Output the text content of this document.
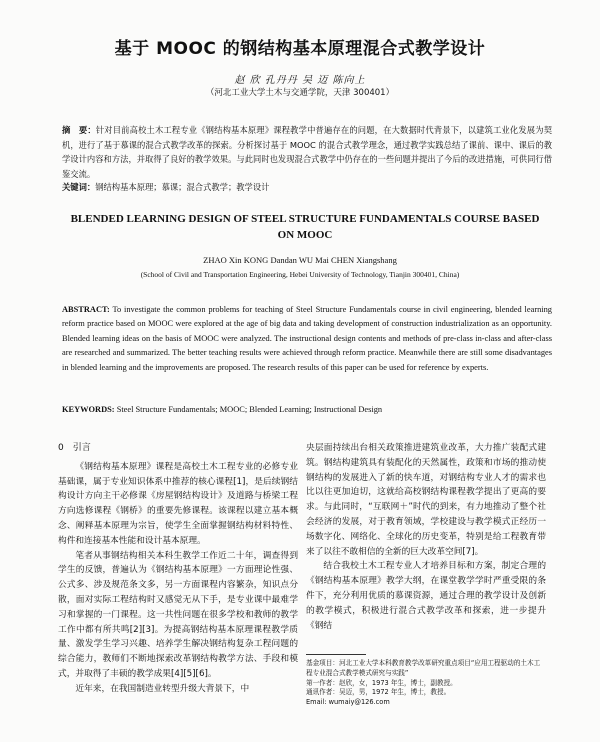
基于 MOOC 的钢结构基本原理混合式教学设计
赵 欣 孔丹丹 吴 迈 陈向上
（河北工业大学土木与交通学院，天津 300401）
摘　要：针对目前高校土木工程专业《钢结构基本原理》课程教学中普遍存在的问题，在大数据时代背景下，以建筑工业化发展为契机，进行了基于慕课的混合式教学改革的探索。分析探讨基于 MOOC 的混合式教学理念，通过教学实践总结了课前、课中、课后的教学设计内容和方法，并取得了良好的教学效果。与此同时也发现混合式教学中仍存在的一些问题并提出了今后的改进措施，可供同行借鉴交流。
关键词：钢结构基本原理；慕课；混合式教学；教学设计
BLENDED LEARNING DESIGN OF STEEL STRUCTURE FUNDAMENTALS COURSE BASED ON MOOC
ZHAO Xin KONG Dandan WU Mai CHEN Xiangshang
(School of Civil and Transportation Engineering, Hebei University of Technology, Tianjin 300401, China)
ABSTRACT: To investigate the common problems for teaching of Steel Structure Fundamentals course in civil engineering, blended learning reform practice based on MOOC were explored at the age of big data and taking development of construction industrialization as an opportunity. Blended learning ideas on the basis of MOOC were analyzed. The instructional design contents and methods of pre-class in-class and after-class are researched and summarized. The better teaching results were achieved through reform practice. Meanwhile there are still some disadvantages in blended learning and the improvements are proposed. The research results of this paper can be used for reference by experts.
KEYWORDS: Steel Structure Fundamentals; MOOC; Blended Learning; Instructional Design

0　引言

《钢结构基本原理》课程是高校土木工程专业的必修专业基础课，属于专业知识体系中推荐的核心课程[1]，是后续钢结构设计方向主干必修课《房屋钢结构设计》及道路与桥梁工程方向选修课程《钢桥》的重要先修课程。该课程以建立基本概念、阐释基本原理为宗旨，使学生全面掌握钢结构材料特性、构件和连接基本性能和设计基本原理。

笔者从事钢结构相关本科生教学工作近二十年，调查得到学生的反馈，普遍认为《钢结构基本原理》一方面理论性强、公式多、涉及规范条文多，另一方面课程内容繁杂，知识点分散，面对实际工程结构时又感觉无从下手，是专业课中最难学习和掌握的一门课程。这一共性问题在很多学校和教师的教学工作中都有所共鸣[2][3]。为提高钢结构基本原理课程教学质量、激发学生学习兴趣、培养学生解决钢结构复杂工程问题的综合能力，教师们不断地探索改革钢结构教学方法、手段和模式，并取得了丰硕的教学成果[4][5][6]。

近年来，在我国制造业转型升级大背景下，中

央层面持续出台相关政策推进建筑业改革，大力推广装配式建筑。钢结构建筑具有装配化的天然属性，政策和市场的推动使钢结构的发展进入了新的快车道，对钢结构专业人才的需求也比以往更加迫切，这就给高校钢结构课程教学提出了更高的要求。与此同时，“互联网＋”时代的到来，有力地推动了整个社会经济的发展，对于教育领域，学校建设与教学模式正经历一场数字化、网络化、全球化的历史变革，特别是给工程教育带来了以往不敢相信的全新的巨大改革空间[7]。

结合我校土木工程专业人才培养目标和方案，制定合理的《钢结构基本原理》教学大纲，在课堂教学学时严重受限的条件下，充分利用优质的慕课资源，通过合理的教学设计及创新的教学模式，积极进行混合式教学改革和探索，进一步提升《钢结

基金项目：河北工业大学本科教育教学改革研究重点项目“应用工程驱动的土木工程专业混合式教学模式研究与实践”

第一作者：赵欣，女，1973 年生，博士，副教授。

通讯作者：吴迈，男，1972 年生，博士，教授。

Email: wumaiy@126.com
